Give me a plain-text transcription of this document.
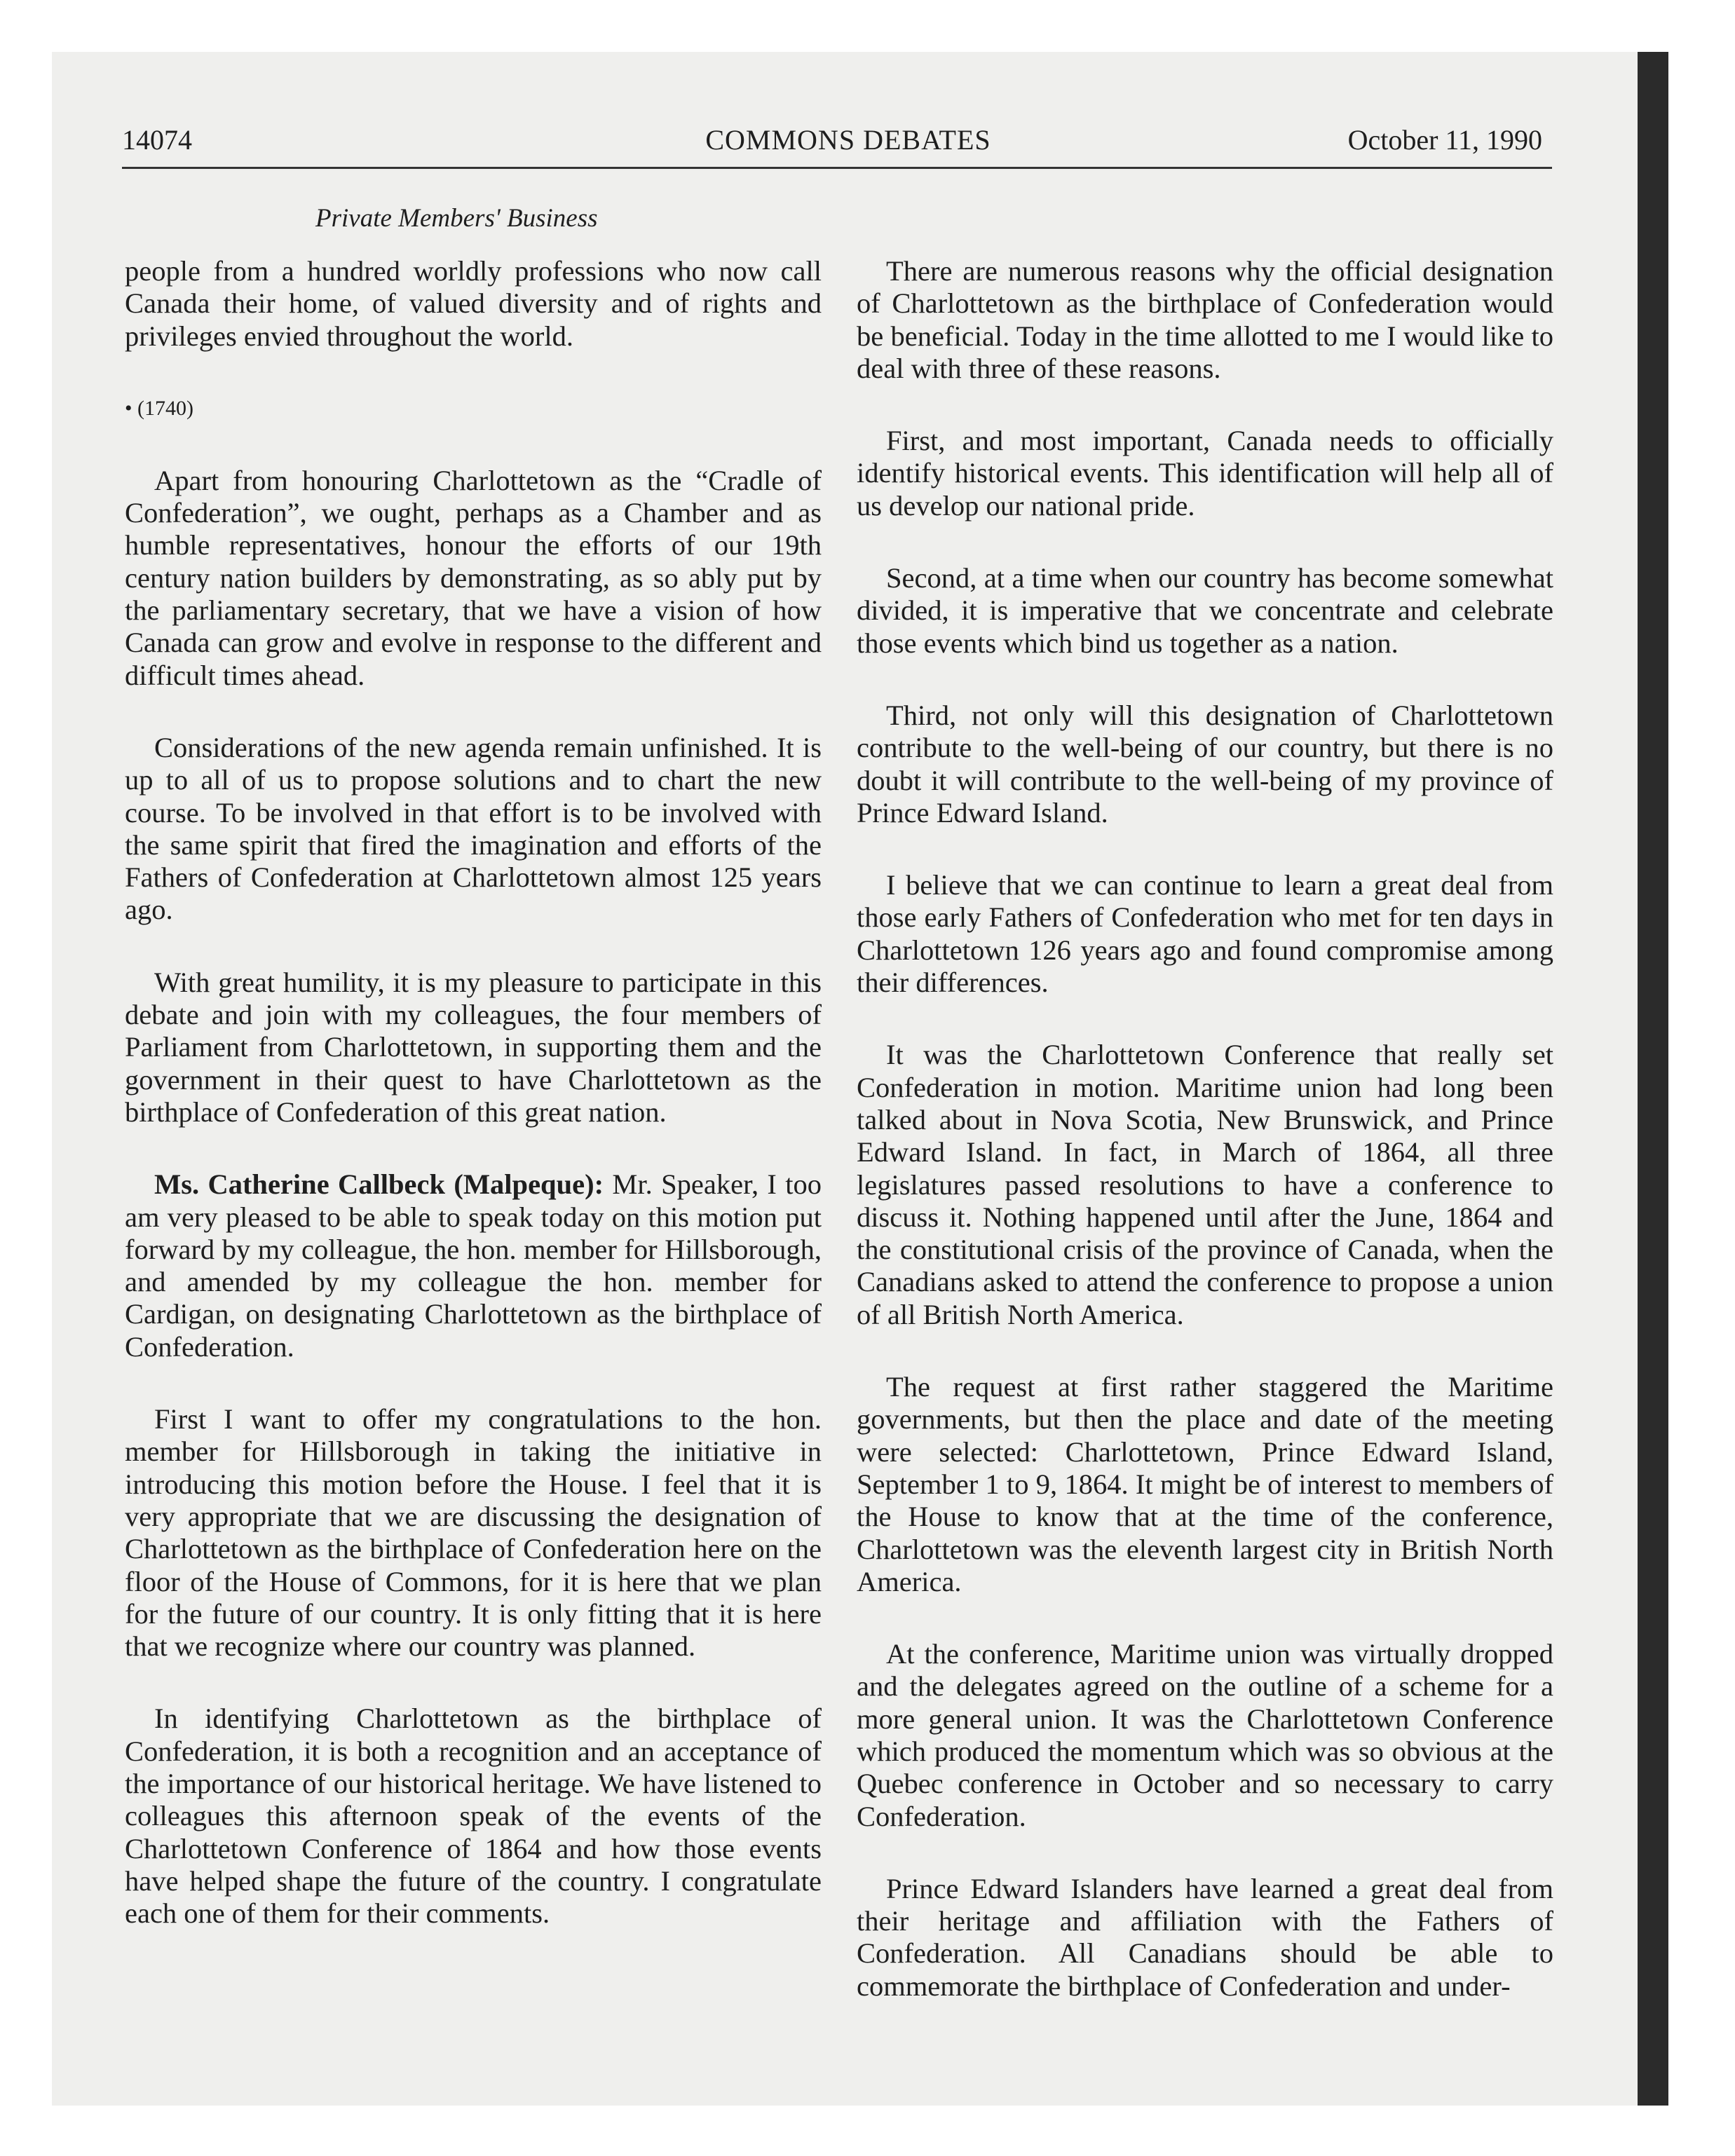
14074	COMMONS DEBATES	October 11, 1990
Private Members' Business

people from a hundred worldly professions who now call Canada their home, of valued diversity and of rights and privileges envied throughout the world.

• (1740)

Apart from honouring Charlottetown as the “Cradle of Confederation”, we ought, perhaps as a Chamber and as humble representatives, honour the efforts of our 19th century nation builders by demonstrating, as so ably put by the parliamentary secretary, that we have a vision of how Canada can grow and evolve in response to the different and difficult times ahead.

Considerations of the new agenda remain unfinished. It is up to all of us to propose solutions and to chart the new course. To be involved in that effort is to be involved with the same spirit that fired the imagination and efforts of the Fathers of Confederation at Charlottetown almost 125 years ago.

With great humility, it is my pleasure to participate in this debate and join with my colleagues, the four members of Parliament from Charlottetown, in supporting them and the government in their quest to have Charlottetown as the birthplace of Confederation of this great nation.

Ms. Catherine Callbeck (Malpeque): Mr. Speaker, I too am very pleased to be able to speak today on this motion put forward by my colleague, the hon. member for Hillsborough, and amended by my colleague the hon. member for Cardigan, on designating Charlottetown as the birthplace of Confederation.

First I want to offer my congratulations to the hon. member for Hillsborough in taking the initiative in introducing this motion before the House. I feel that it is very appropriate that we are discussing the designation of Charlottetown as the birthplace of Confederation here on the floor of the House of Commons, for it is here that we plan for the future of our country. It is only fitting that it is here that we recognize where our country was planned.

In identifying Charlottetown as the birthplace of Confederation, it is both a recognition and an acceptance of the importance of our historical heritage. We have listened to colleagues this afternoon speak of the events of the Charlottetown Conference of 1864 and how those events have helped shape the future of the country. I congratulate each one of them for their comments.

There are numerous reasons why the official designation of Charlottetown as the birthplace of Confederation would be beneficial. Today in the time allotted to me I would like to deal with three of these reasons.

First, and most important, Canada needs to officially identify historical events. This identification will help all of us develop our national pride.

Second, at a time when our country has become somewhat divided, it is imperative that we concentrate and celebrate those events which bind us together as a nation.

Third, not only will this designation of Charlottetown contribute to the well-being of our country, but there is no doubt it will contribute to the well-being of my province of Prince Edward Island.

I believe that we can continue to learn a great deal from those early Fathers of Confederation who met for ten days in Charlottetown 126 years ago and found compromise among their differences.

It was the Charlottetown Conference that really set Confederation in motion. Maritime union had long been talked about in Nova Scotia, New Brunswick, and Prince Edward Island. In fact, in March of 1864, all three legislatures passed resolutions to have a conference to discuss it. Nothing happened until after the June, 1864 and the constitutional crisis of the province of Canada, when the Canadians asked to attend the conference to propose a union of all British North America.

The request at first rather staggered the Maritime governments, but then the place and date of the meeting were selected: Charlottetown, Prince Edward Island, September 1 to 9, 1864. It might be of interest to members of the House to know that at the time of the conference, Charlottetown was the eleventh largest city in British North America.

At the conference, Maritime union was virtually dropped and the delegates agreed on the outline of a scheme for a more general union. It was the Charlottetown Conference which produced the momentum which was so obvious at the Quebec conference in October and so necessary to carry Confederation.

Prince Edward Islanders have learned a great deal from their heritage and affiliation with the Fathers of Confederation. All Canadians should be able to commemorate the birthplace of Confederation and under-
